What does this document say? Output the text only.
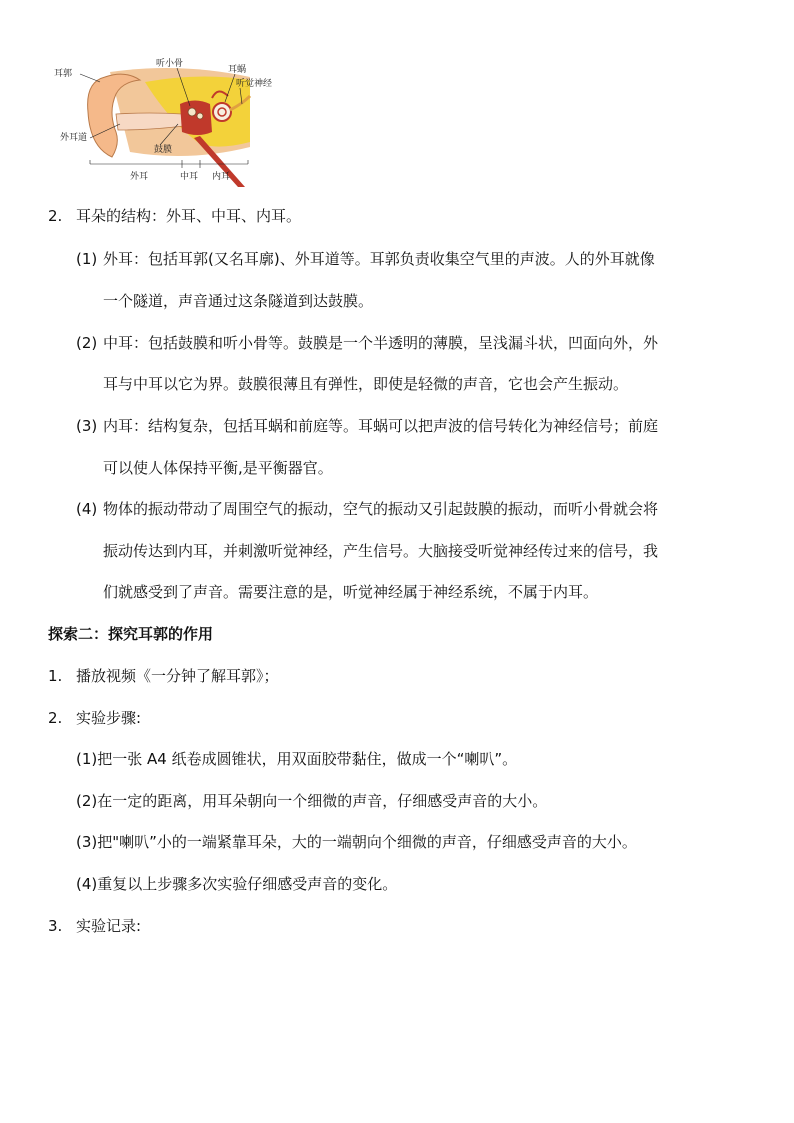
耳郭
听小骨
耳蜗
听觉神经
外耳道
鼓膜
外耳	中耳 内耳
2. 耳朵的结构：外耳、中耳、内耳。
(1) 外耳：包括耳郭(又名耳廓)、外耳道等。耳郭负责收集空气里的声波。人的外耳就像
一个隧道，声音通过这条隧道到达鼓膜。
(2) 中耳：包括鼓膜和听小骨等。鼓膜是一个半透明的薄膜，呈浅漏斗状，凹面向外，外
耳与中耳以它为界。鼓膜很薄且有弹性，即使是轻微的声音，它也会产生振动。
(3) 内耳：结构复杂，包括耳蜗和前庭等。耳蜗可以把声波的信号转化为神经信号；前庭
可以使人体保持平衡,是平衡器官。
(4) 物体的振动带动了周围空气的振动，空气的振动又引起鼓膜的振动，而听小骨就会将
振动传达到内耳，并刺激听觉神经，产生信号。大脑接受听觉神经传过来的信号，我
们就感受到了声音。需要注意的是，听觉神经属于神经系统，不属于内耳。
探索二：探究耳郭的作用
1. 播放视频《一分钟了解耳郭》；
2. 实验步骤:
(1)把一张 A4 纸卷成圆锥状，用双面胶带黏住，做成一个“喇叭”。
(2)在一定的距离，用耳朵朝向一个细微的声音，仔细感受声音的大小。
(3)把"喇叭”小的一端紧靠耳朵，大的一端朝向个细微的声音，仔细感受声音的大小。
(4)重复以上步骤多次实验仔细感受声音的变化。
3. 实验记录:
